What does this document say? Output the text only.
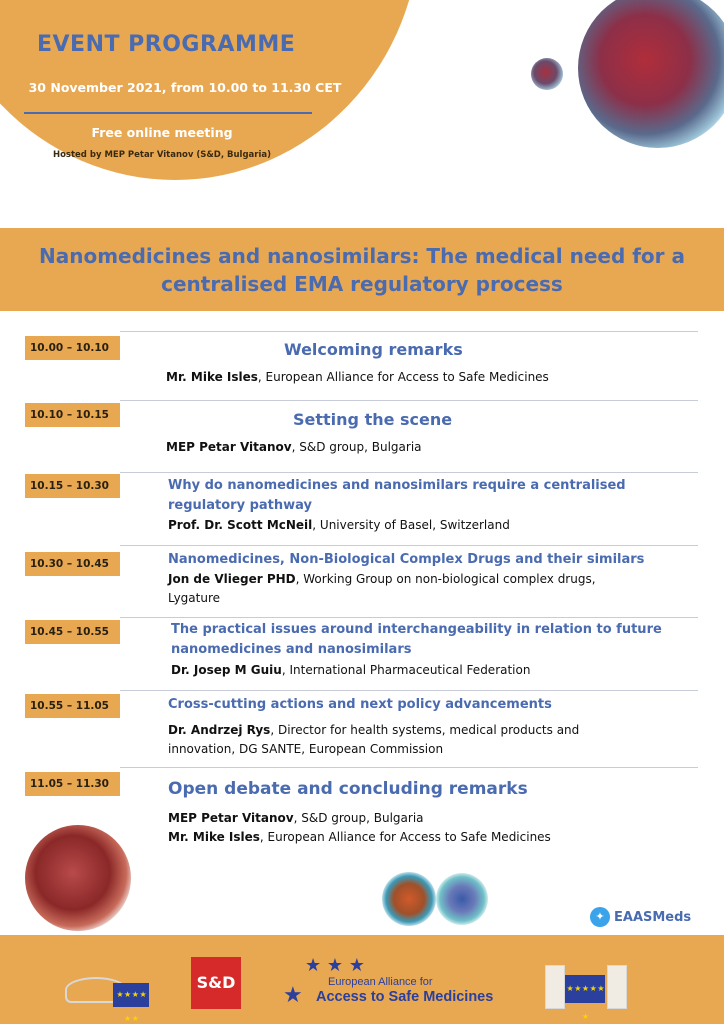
EVENT PROGRAMME
30 November 2021, from 10.00 to 11.30 CET
Free online meeting
Hosted by MEP Petar Vitanov (S&D, Bulgaria)
Nanomedicines and nanosimilars: The medical need for a
centralised EMA regulatory process
10.00 – 10.10	Welcoming remarks
Mr. Mike Isles, European Alliance for Access to Safe Medicines
10.10 – 10.15	Setting the scene
MEP Petar Vitanov, S&D group, Bulgaria
10.15 – 10.30	Why do nanomedicines and nanosimilars require a centralised
regulatory pathway
Prof. Dr. Scott McNeil, University of Basel, Switzerland
10.30 – 10.45	Nanomedicines, Non-Biological Complex Drugs and their similars
Jon de Vlieger PHD, Working Group on non-biological complex drugs,
Lygature
10.45 – 10.55	The practical issues around interchangeability in relation to future
nanomedicines and nanosimilars
Dr. Josep M Guiu, International Pharmaceutical Federation
10.55 – 11.05	Cross-cutting actions and next policy advancements
Dr. Andrzej Rys, Director for health systems, medical products and
innovation, DG SANTE, European Commission
11.05 – 11.30	Open debate and concluding remarks
MEP Petar Vitanov, S&D group, Bulgaria
Mr. Mike Isles, European Alliance for Access to Safe Medicines
✦ EAASMeds
★ ★ ★ ★ ★ ★
S&D
★ ★ ★
★
European Alliance for
Access to Safe Medicines
★ ★ ★ ★ ★ ★
